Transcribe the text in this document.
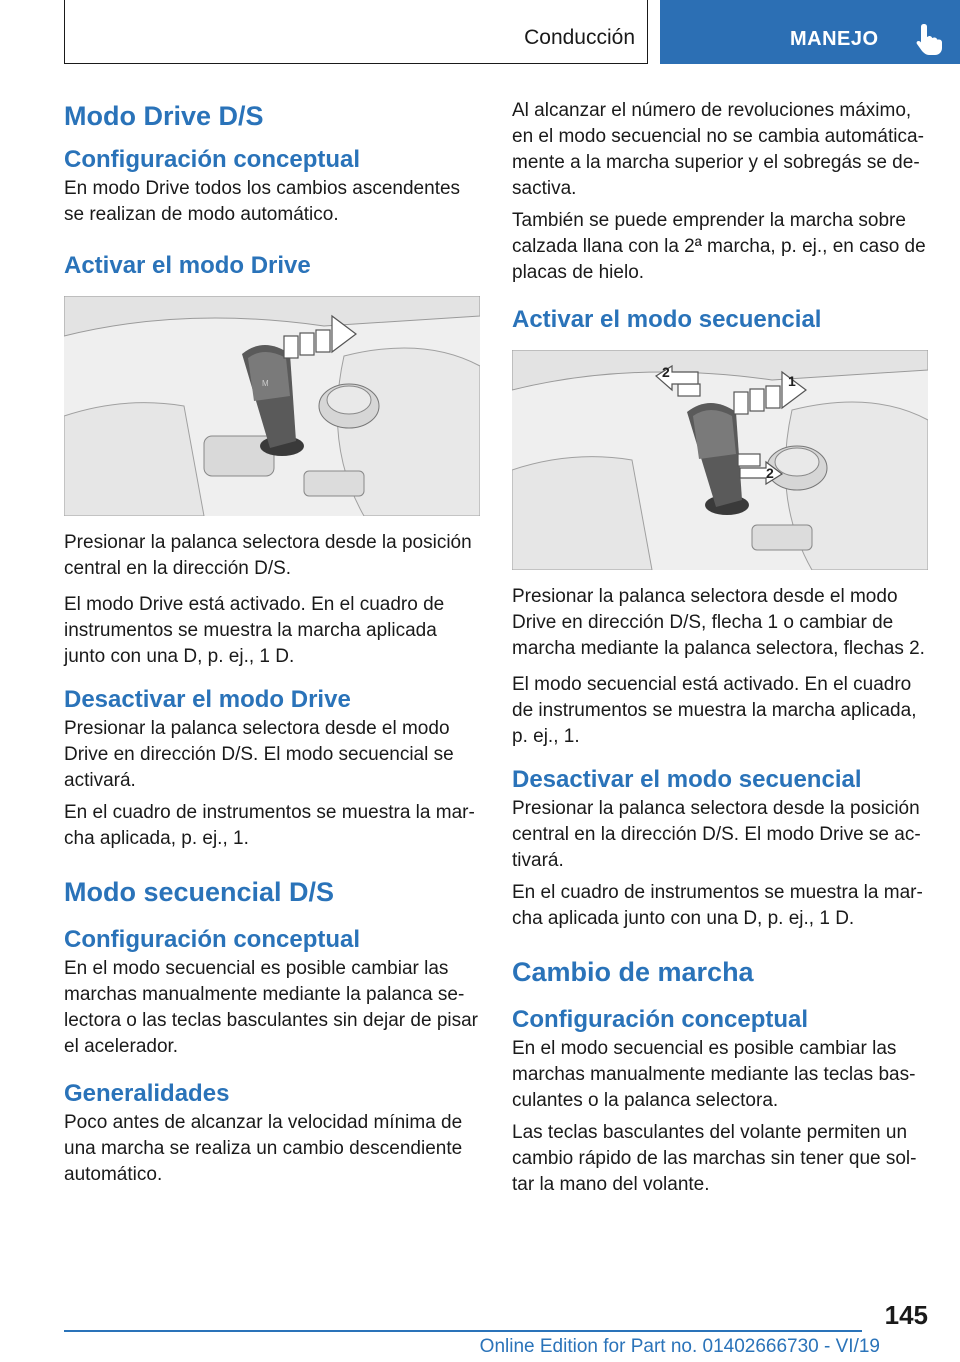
Conducción	MANEJO
Modo Drive D/S
Configuración conceptual

En modo Drive todos los cambios ascendentes se realizan de modo automático.

Activar el modo Drive
M

Presionar la palanca selectora desde la posición central en la dirección D/S.

El modo Drive está activado. En el cuadro de instrumentos se muestra la marcha aplicada junto con una D, p. ej., 1 D.

Desactivar el modo Drive

Presionar la palanca selectora desde el modo Drive en dirección D/S. El modo secuencial se activará.

En el cuadro de instrumentos se muestra la marcha aplicada, p. ej., 1.

Modo secuencial D/S
Configuración conceptual

En el modo secuencial es posible cambiar las marchas manualmente mediante la palanca selectora o las teclas basculantes sin dejar de pisar el acelerador.

Generalidades

Poco antes de alcanzar la velocidad mínima de una marcha se realiza un cambio descendiente automático.

Al alcanzar el número de revoluciones máximo, en el modo secuencial no se cambia automáticamente a la marcha superior y el sobregás se desactiva.

También se puede emprender la marcha sobre calzada llana con la 2ª marcha, p. ej., en caso de placas de hielo.

Activar el modo secuencial
1
2
2

Presionar la palanca selectora desde el modo Drive en dirección D/S, flecha 1 o cambiar de marcha mediante la palanca selectora, flechas 2.

El modo secuencial está activado. En el cuadro de instrumentos se muestra la marcha aplicada, p. ej., 1.

Desactivar el modo secuencial

Presionar la palanca selectora desde la posición central en la dirección D/S. El modo Drive se activará.

En el cuadro de instrumentos se muestra la marcha aplicada junto con una D, p. ej., 1 D.

Cambio de marcha
Configuración conceptual

En el modo secuencial es posible cambiar las marchas manualmente mediante las teclas basculantes o la palanca selectora.

Las teclas basculantes del volante permiten un cambio rápido de las marchas sin tener que soltar la mano del volante.

145
Online Edition for Part no. 01402666730 - VI/19
